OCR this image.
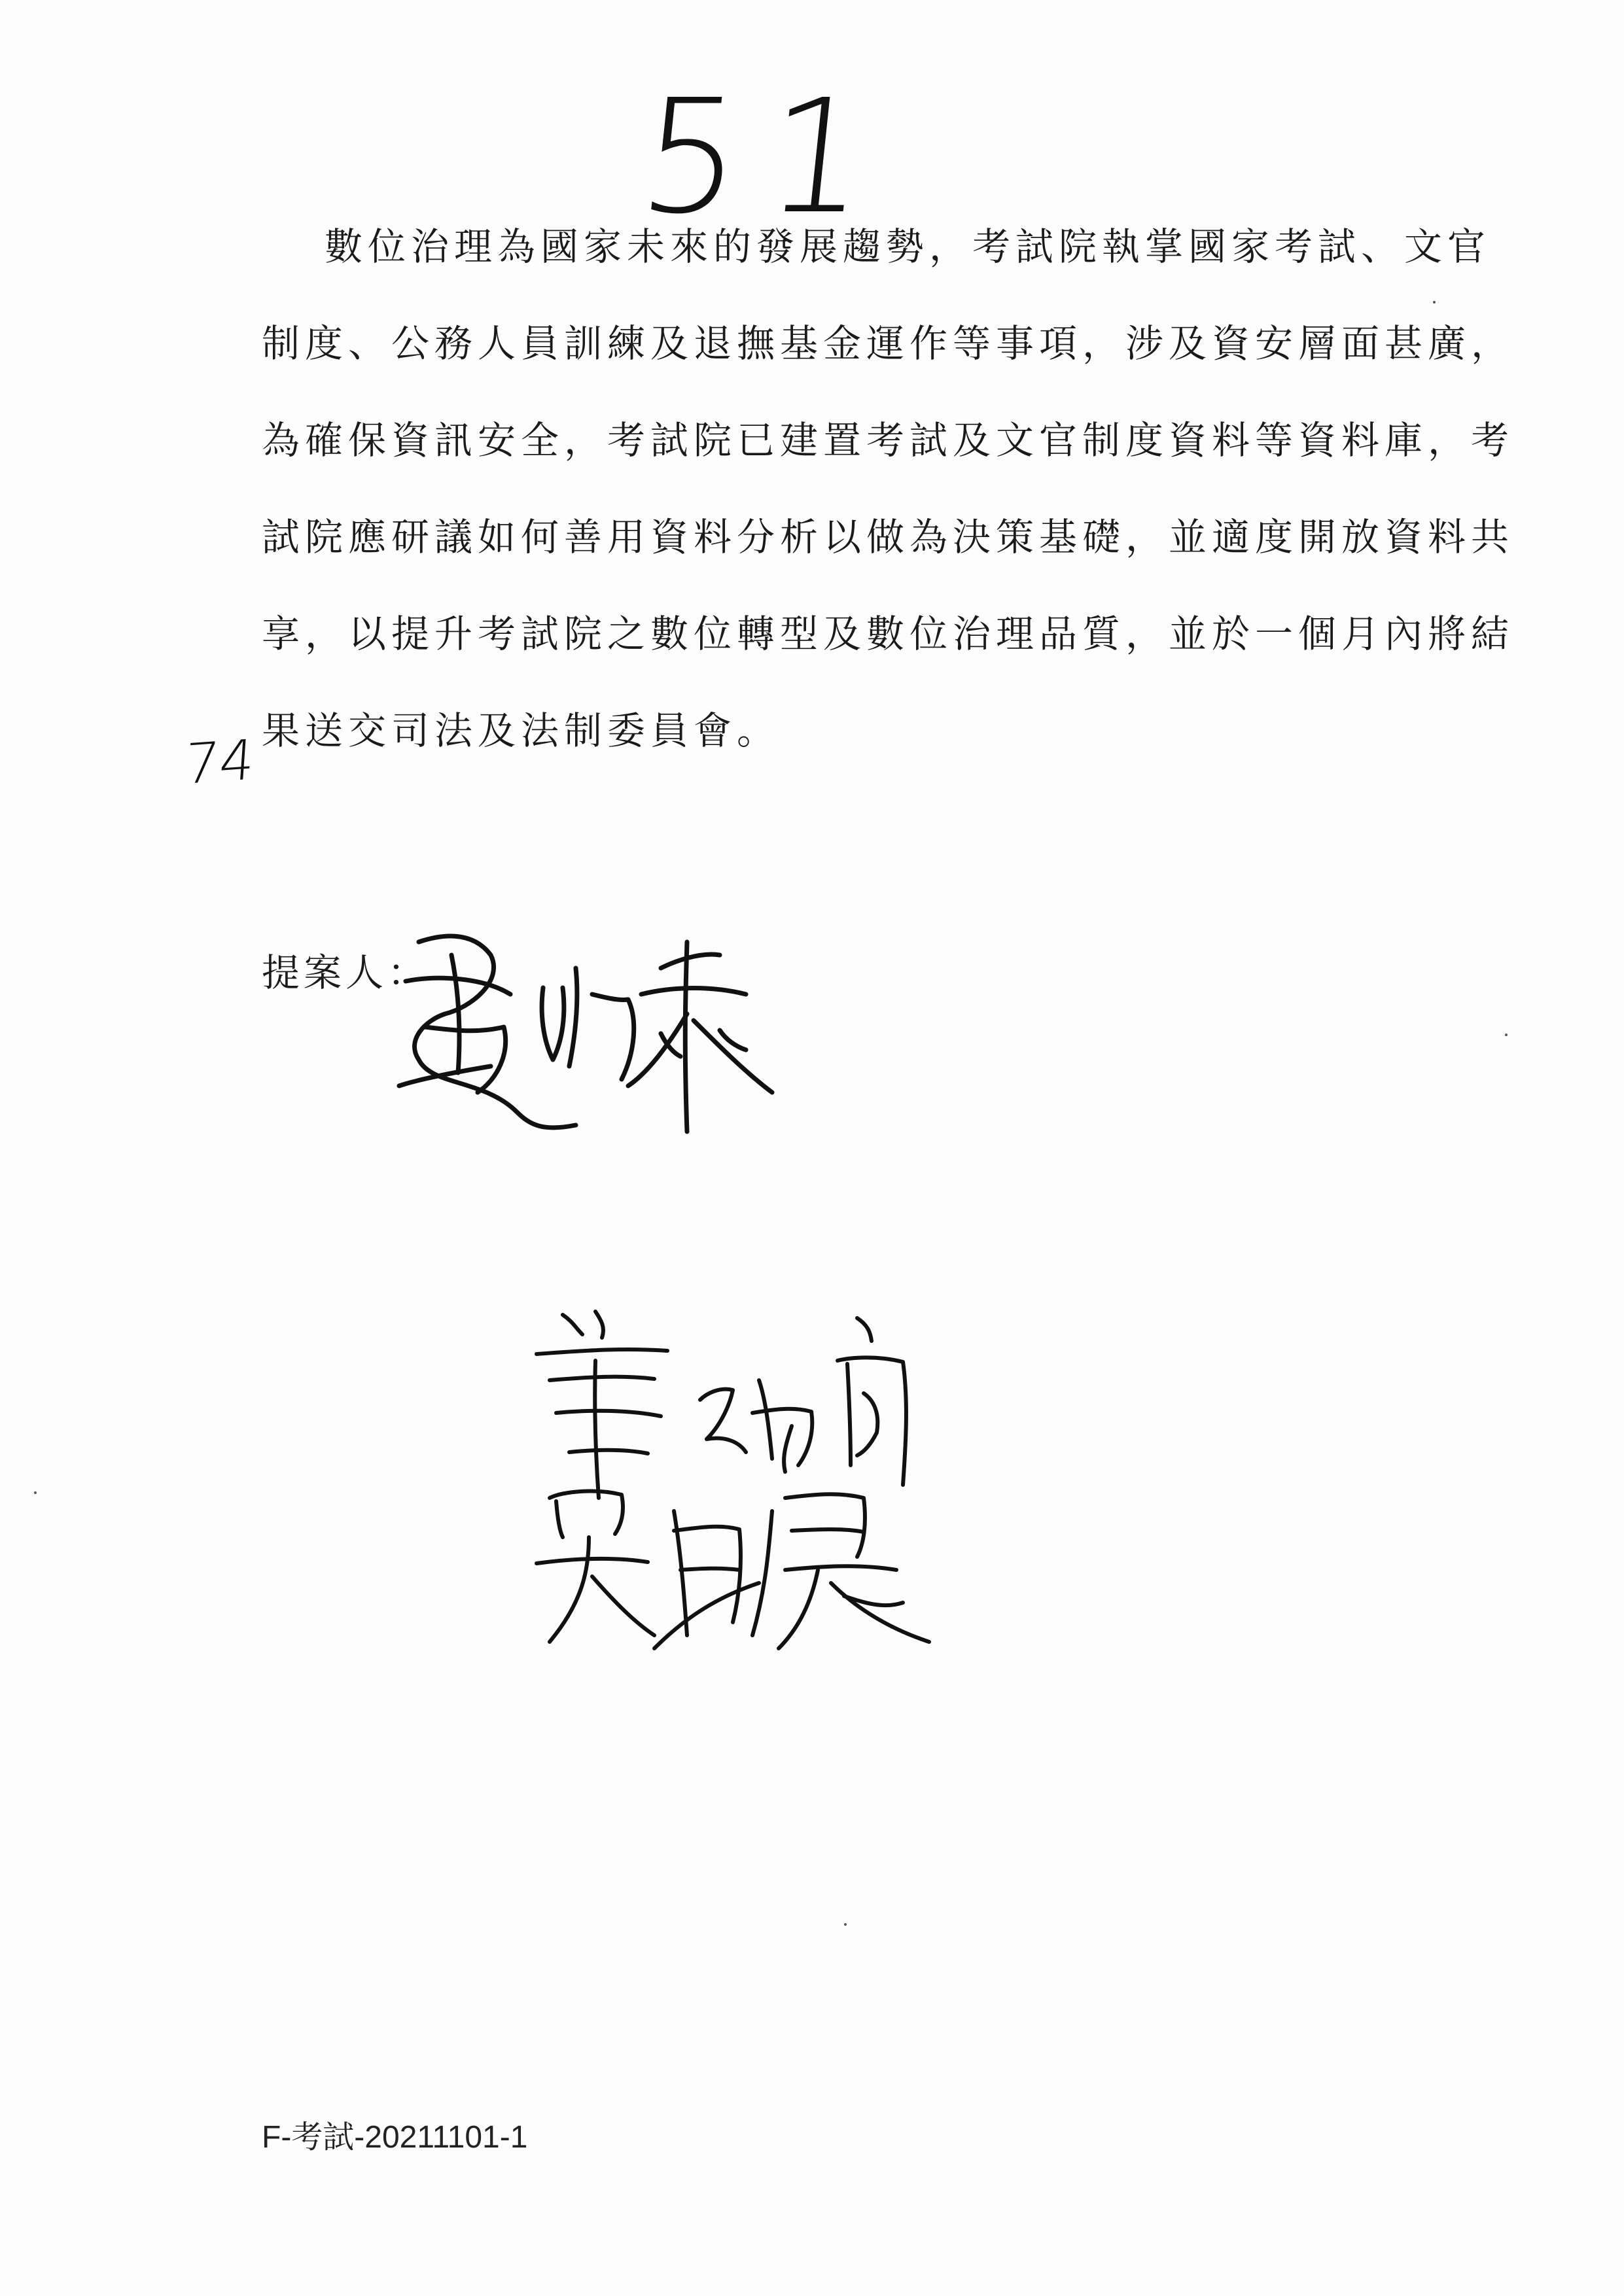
51
74
數位治理為國家未來的發展趨勢，考試院執掌國家考試、文官
制度、公務人員訓練及退撫基金運作等事項，涉及資安層面甚廣，
為確保資訊安全，考試院已建置考試及文官制度資料等資料庫，考
試院應研議如何善用資料分析以做為決策基礎，並適度開放資料共
享，以提升考試院之數位轉型及數位治理品質，並於一個月內將結
果送交司法及法制委員會。
提案人：
F-考試-20211101-1
